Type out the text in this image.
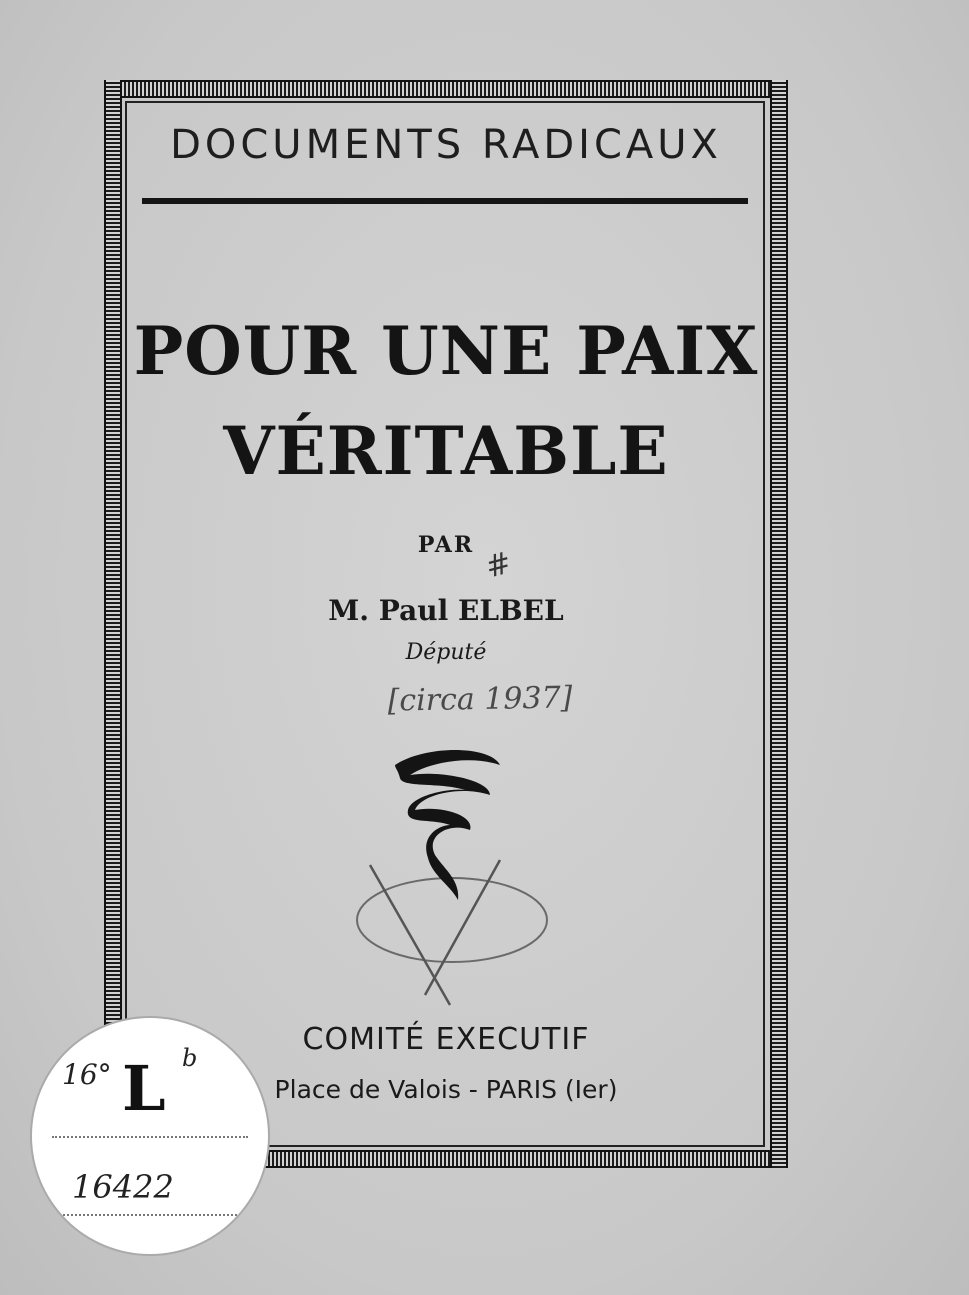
DOCUMENTS RADICAUX
POUR UNE PAIX
VÉRITABLE
PAR
#
M. Paul ELBEL
Député
[circa 1937]
COMITÉ EXECUTIF
Place de Valois - PARIS (Ier)
16° L b
16422
